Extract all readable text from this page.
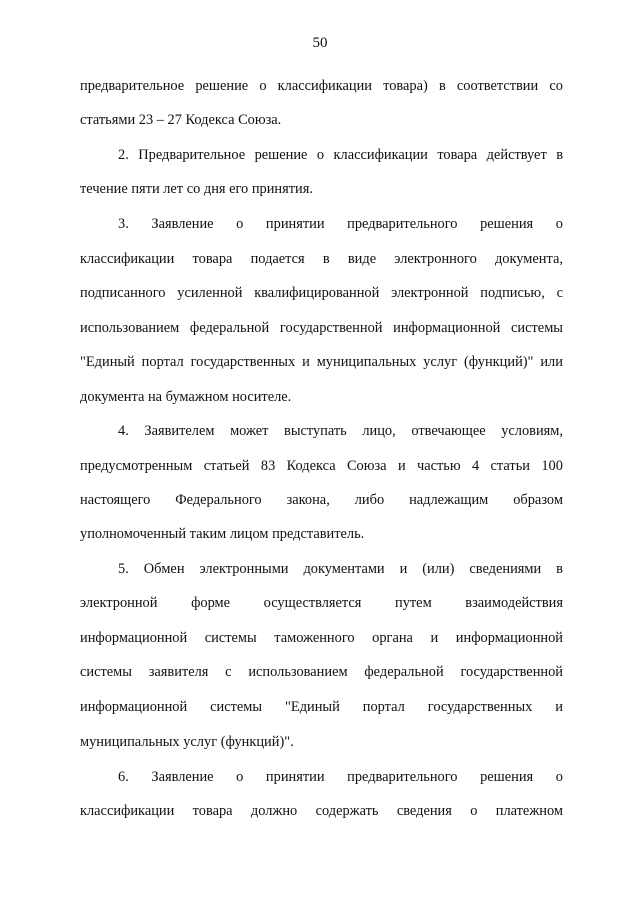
50
предварительное решение о классификации товара) в соответствии со
статьями 23 – 27 Кодекса Союза.
2. Предварительное решение о классификации товара действует в
течение пяти лет со дня его принятия.
3. Заявление о принятии предварительного решения о
классификации товара подается в виде электронного документа,
подписанного усиленной квалифицированной электронной подписью, с
использованием федеральной государственной информационной системы
"Единый портал государственных и муниципальных услуг (функций)" или
документа на бумажном носителе.
4. Заявителем может выступать лицо, отвечающее условиям,
предусмотренным статьей 83 Кодекса Союза и частью 4 статьи 100
настоящего Федерального закона, либо надлежащим образом
уполномоченный таким лицом представитель.
5. Обмен электронными документами и (или) сведениями в
электронной форме осуществляется путем взаимодействия
информационной системы таможенного органа и информационной
системы заявителя с использованием федеральной государственной
информационной системы "Единый портал государственных и
муниципальных услуг (функций)".
6. Заявление о принятии предварительного решения о
классификации товара должно содержать сведения о платежном
